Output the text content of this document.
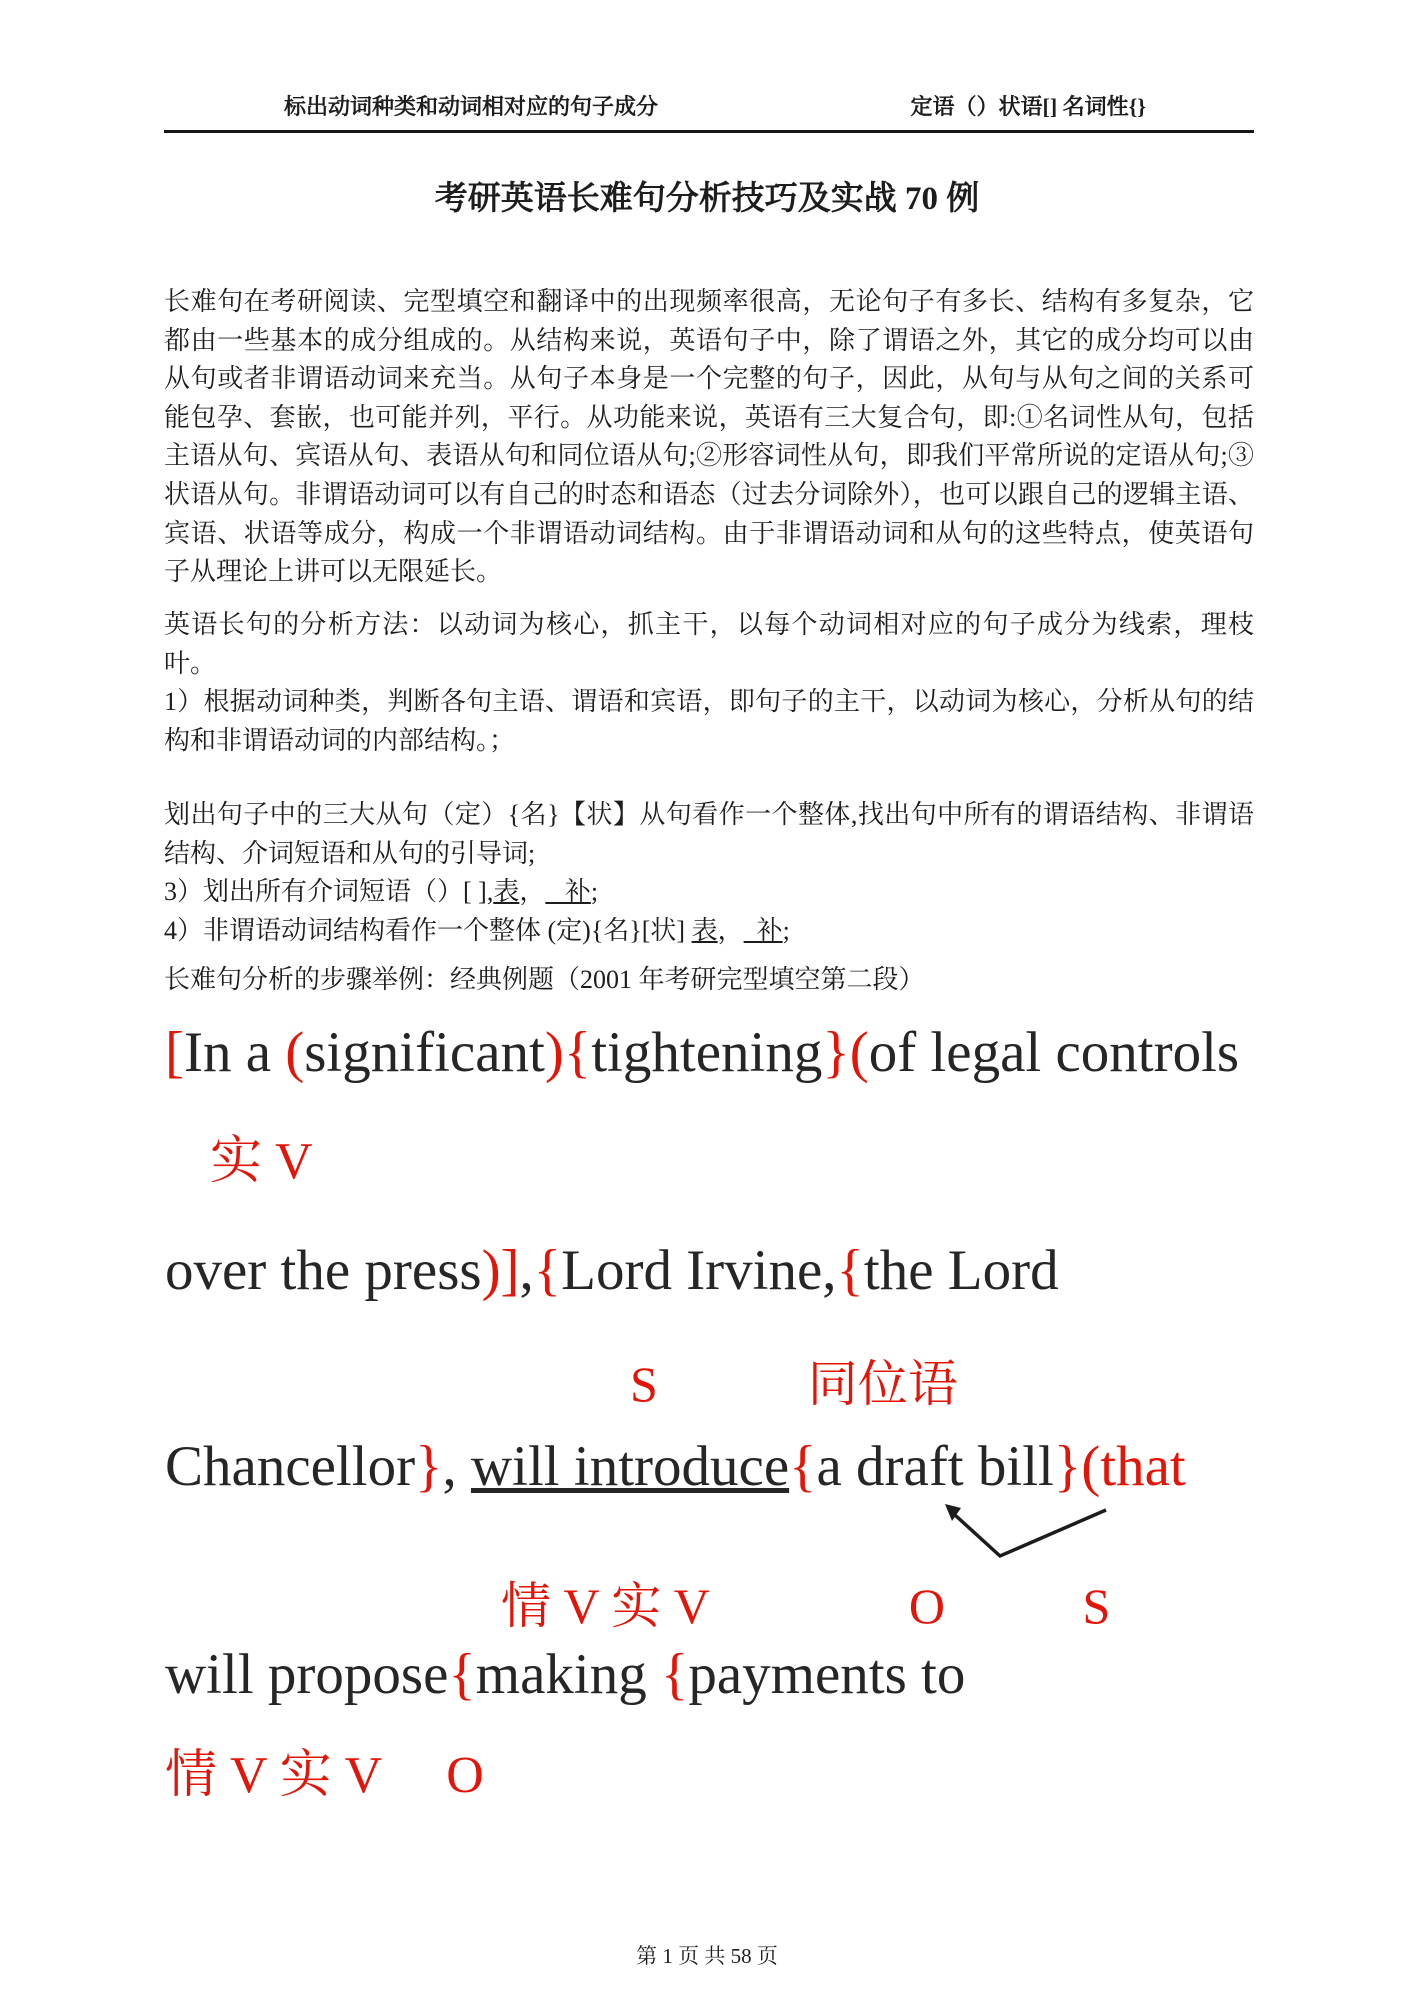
标出动词种类和动词相对应的句子成分	定语（）状语[] 名词性{}
考研英语长难句分析技巧及实战 70 例
长难句在考研阅读、完型填空和翻译中的出现频率很高，无论句子有多长、结构有多复杂，它都由一些基本的成分组成的。从结构来说，英语句子中，除了谓语之外，其它的成分均可以由从句或者非谓语动词来充当。从句子本身是一个完整的句子，因此，从句与从句之间的关系可能包孕、套嵌，也可能并列，平行。从功能来说，英语有三大复合句，即:①名词性从句，包括主语从句、宾语从句、表语从句和同位语从句;②形容词性从句，即我们平常所说的定语从句;③状语从句。非谓语动词可以有自己的时态和语态（过去分词除外），也可以跟自己的逻辑主语、宾语、状语等成分，构成一个非谓语动词结构。由于非谓语动词和从句的这些特点，使英语句子从理论上讲可以无限延长。
英语长句的分析方法：以动词为核心，抓主干，以每个动词相对应的句子成分为线索，理枝叶。
1）根据动词种类，判断各句主语、谓语和宾语，即句子的主干，以动词为核心，分析从句的结构和非谓语动词的内部结构。；
划出句子中的三大从句（定）{名}【状】从句看作一个整体,找出句中所有的谓语结构、非谓语结构、介词短语和从句的引导词;
3）划出所有介词短语（）[ ],表，   补;
4）非谓语动词结构看作一个整体 (定){名}[状] 表，  补;
长难句分析的步骤举例：经典例题（2001 年考研完型填空第二段）
[In a (significant){tightening}(of legal controls
实 V
over the press)],{Lord Irvine,{the Lord
S            同位语
Chancellor}, will introduce{a draft bill}(that
情 V 实 V                O           S
will propose{making {payments to
情 V 实 V     O
第 1 页 共 58 页
